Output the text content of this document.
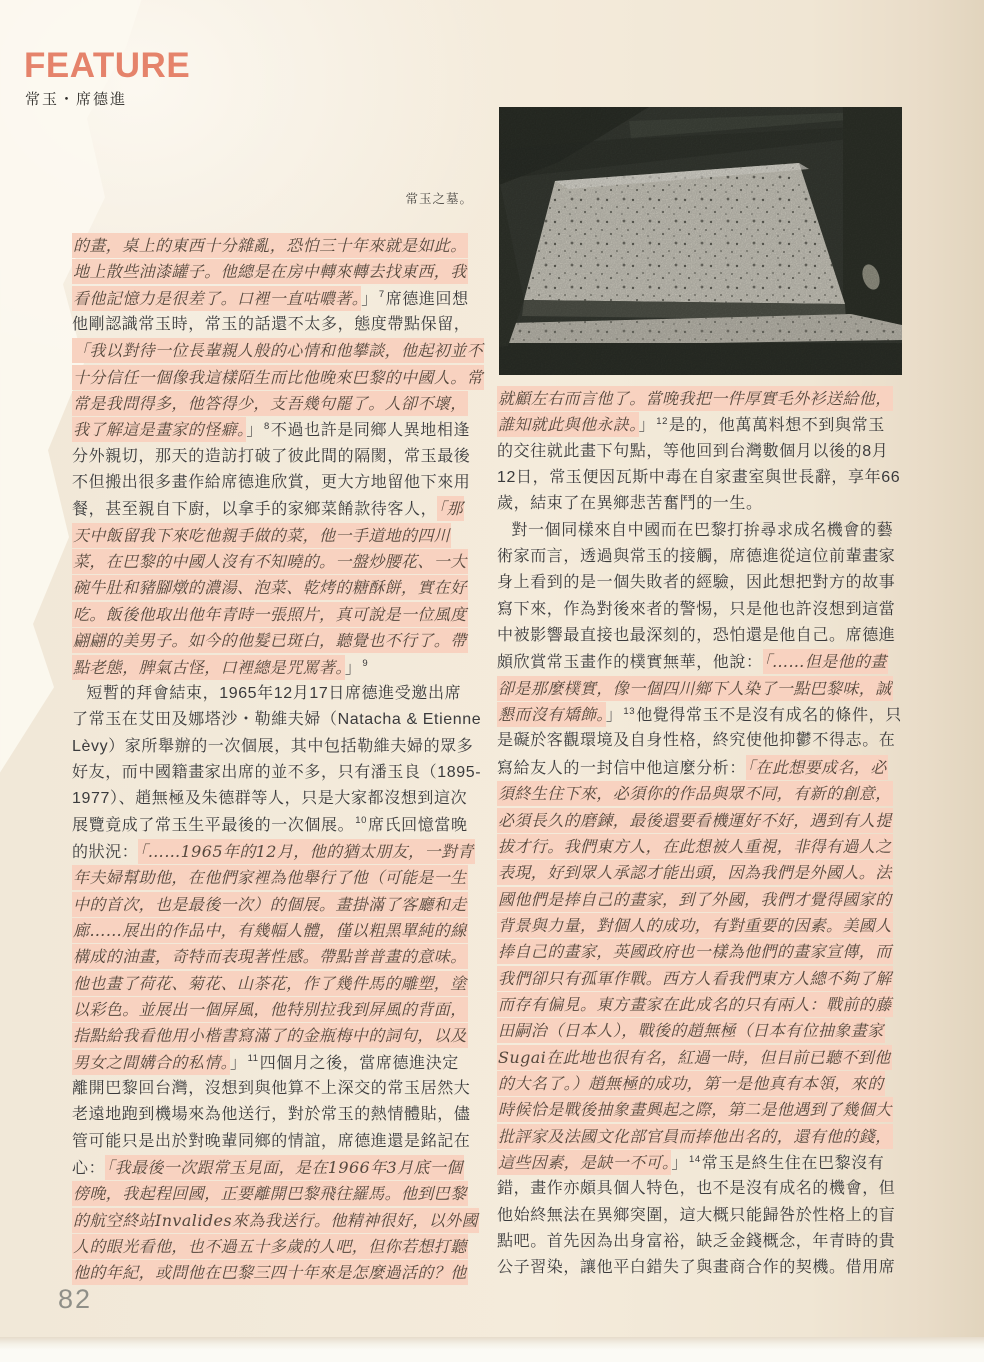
FEATURE
常玉・席德進
常玉之墓。
的畫，桌上的東西十分雜亂，恐怕三十年來就是如此。
地上散些油漆罐子。他總是在房中轉來轉去找東西，我
看他記憶力是很差了。口裡一直咕噥著。」$^7$席德進回想
他剛認識常玉時，常玉的話還不太多，態度帶點保留，
「我以對待一位長輩親人般的心情和他攀談，他起初並不
十分信任一個像我這樣陌生而比他晚來巴黎的中國人。常
常是我問得多，他答得少，支吾幾句罷了。人卻不壞，
我了解這是畫家的怪癖。」$^8$不過也許是同鄉人異地相逢
分外親切，那天的造訪打破了彼此間的隔閡，常玉最後
不但搬出很多畫作給席德進欣賞，更大方地留他下來用
餐，甚至親自下廚，以拿手的家鄉菜餚款待客人，「那
天中飯留我下來吃他親手做的菜，他一手道地的四川
菜，在巴黎的中國人沒有不知曉的。一盤炒腰花、一大
碗牛肚和豬腳燉的濃湯、泡菜、乾烤的糖酥餅，實在好
吃。飯後他取出他年青時一張照片，真可說是一位風度
翩翩的美男子。如今的他髮已斑白，聽覺也不行了。帶
點老態，脾氣古怪，口裡總是咒罵著。」$^9$
短暫的拜會結束，1965年12月17日席德進受邀出席
了常玉在艾田及娜塔沙・勒維夫婦（Natacha & Etienne
Lèvy）家所舉辦的一次個展，其中包括勒維夫婦的眾多
好友，而中國籍畫家出席的並不多，只有潘玉良（1895-
1977）、趙無極及朱德群等人，只是大家都沒想到這次
展覽竟成了常玉生平最後的一次個展。$^{10}$席氏回憶當晚
的狀況：「……1965年的12月，他的猶太朋友，一對青
年夫婦幫助他，在他們家裡為他舉行了他（可能是一生
中的首次，也是最後一次）的個展。畫掛滿了客廳和走
廊……展出的作品中，有幾幅人體，僅以粗黑單純的線
構成的油畫，奇特而表現著性感。帶點普普畫的意味。
他也畫了荷花、菊花、山茶花，作了幾件馬的雕塑，塗
以彩色。並展出一個屏風，他特別拉我到屏風的背面，
指點給我看他用小楷書寫滿了的金瓶梅中的詞句，以及
男女之間媾合的私情。」$^{11}$四個月之後，當席德進決定
離開巴黎回台灣，沒想到與他算不上深交的常玉居然大
老遠地跑到機場來為他送行，對於常玉的熱情體貼，儘
管可能只是出於對晚輩同鄉的情誼，席德進還是銘記在
心：「我最後一次跟常玉見面，是在1966年3月底一個
傍晚，我起程回國，正要離開巴黎飛往羅馬。他到巴黎
的航空終站Invalides來為我送行。他精神很好，以外國
人的眼光看他，也不過五十多歲的人吧，但你若想打聽
他的年紀，或問他在巴黎三四十年來是怎麼過活的？他
就顧左右而言他了。當晚我把一件厚實毛外衫送給他，
誰知就此與他永訣。」$^{12}$是的，他萬萬料想不到與常玉
的交往就此畫下句點，等他回到台灣數個月以後的8月
12日，常玉便因瓦斯中毒在自家畫室與世長辭，享年66
歲，結束了在異鄉悲苦奮鬥的一生。
對一個同樣來自中國而在巴黎打拚尋求成名機會的藝
術家而言，透過與常玉的接觸，席德進從這位前輩畫家
身上看到的是一個失敗者的經驗，因此想把對方的故事
寫下來，作為對後來者的警惕，只是他也許沒想到這當
中被影響最直接也最深刻的，恐怕還是他自己。席德進
頗欣賞常玉畫作的樸實無華，他說：「……但是他的畫
卻是那麼樸實，像一個四川鄉下人染了一點巴黎味，誠
懇而沒有矯飾。」$^{13}$他覺得常玉不是沒有成名的條件，只
是礙於客觀環境及自身性格，終究使他抑鬱不得志。在
寫給友人的一封信中他這麼分析：「在此想要成名，必
須終生住下來，必須你的作品與眾不同，有新的創意，
必須長久的磨鍊，最後還要看機運好不好，遇到有人提
拔才行。我們東方人，在此想被人重視，非得有過人之
表現，好到眾人承認才能出頭，因為我們是外國人。法
國他們是捧自己的畫家，到了外國，我們才覺得國家的
背景與力量，對個人的成功，有對重要的因素。美國人
捧自己的畫家，英國政府也一樣為他們的畫家宣傳，而
我們卻只有孤軍作戰。西方人看我們東方人總不夠了解
而存有偏見。東方畫家在此成名的只有兩人：戰前的藤
田嗣治（日本人），戰後的趙無極（日本有位抽象畫家
Sugai在此地也很有名，紅過一時，但目前已聽不到他
的大名了。）趙無極的成功，第一是他真有本領，來的
時候恰是戰後抽象畫興起之際，第二是他遇到了幾個大
批評家及法國文化部官員而捧他出名的，還有他的錢，
這些因素，是缺一不可。」$^{14}$常玉是終生住在巴黎沒有
錯，畫作亦頗具個人特色，也不是沒有成名的機會，但
他始終無法在異鄉突圍，這大概只能歸咎於性格上的盲
點吧。首先因為出身富裕，缺乏金錢概念，年青時的貴
公子習染，讓他平白錯失了與畫商合作的契機。借用席
82
